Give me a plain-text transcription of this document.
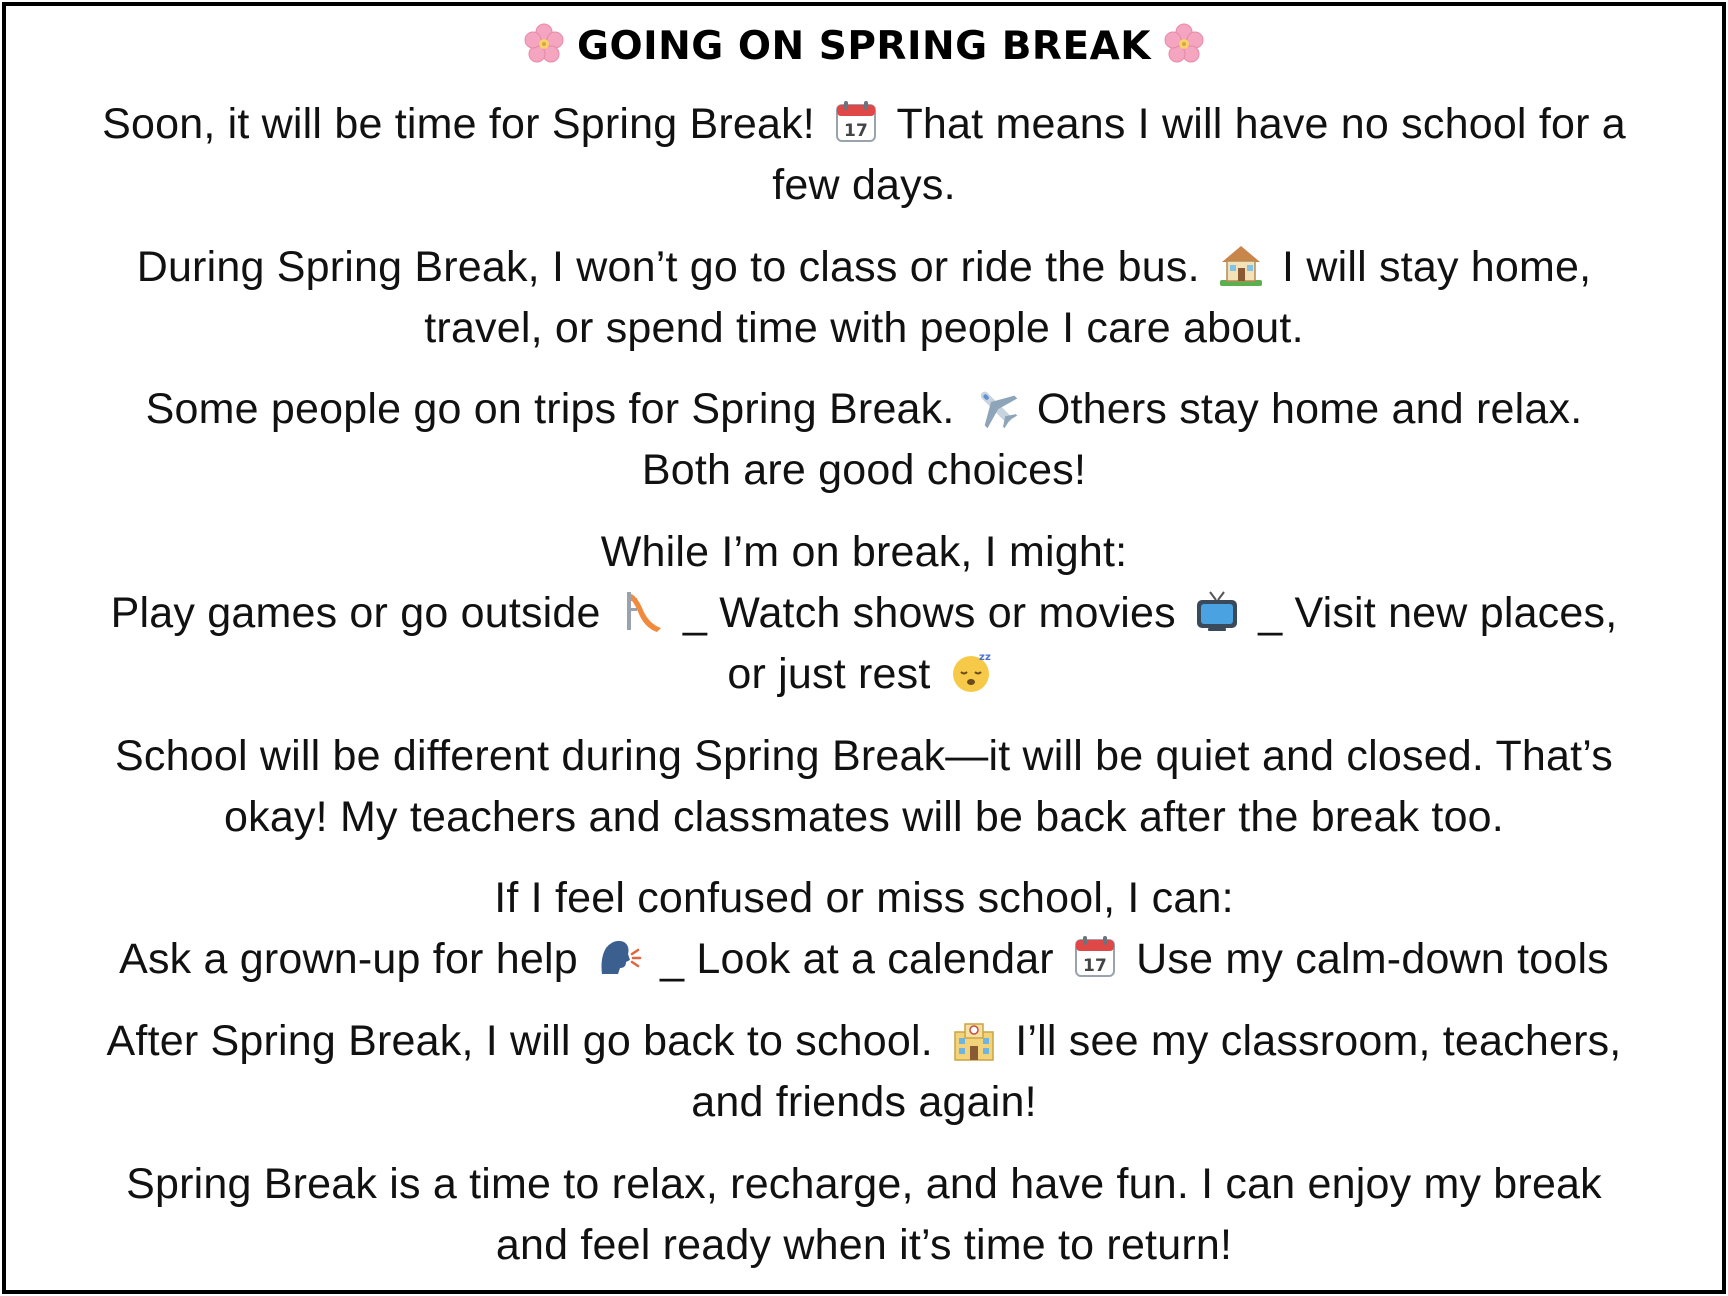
GOING ON SPRING BREAK
Soon, it will be time for Spring Break! 17 That means I will have no school for a
few days.
During Spring Break, I won’t go to class or ride the bus. I will stay home,
travel, or spend time with people I care about.
Some people go on trips for Spring Break. Others stay home and relax.
Both are good choices!
While I’m on break, I might:
Play games or go outside _ Watch shows or movies _ Visit new places,
or just rest	zz
School will be different during Spring Break—it will be quiet and closed. That’s
okay! My teachers and classmates will be back after the break too.
If I feel confused or miss school, I can:
Ask a grown-up for help _ Look at a calendar 17 Use my calm-down tools
After Spring Break, I will go back to school. I’ll see my classroom, teachers,
and friends again!
Spring Break is a time to relax, recharge, and have fun. I can enjoy my break
and feel ready when it’s time to return!
